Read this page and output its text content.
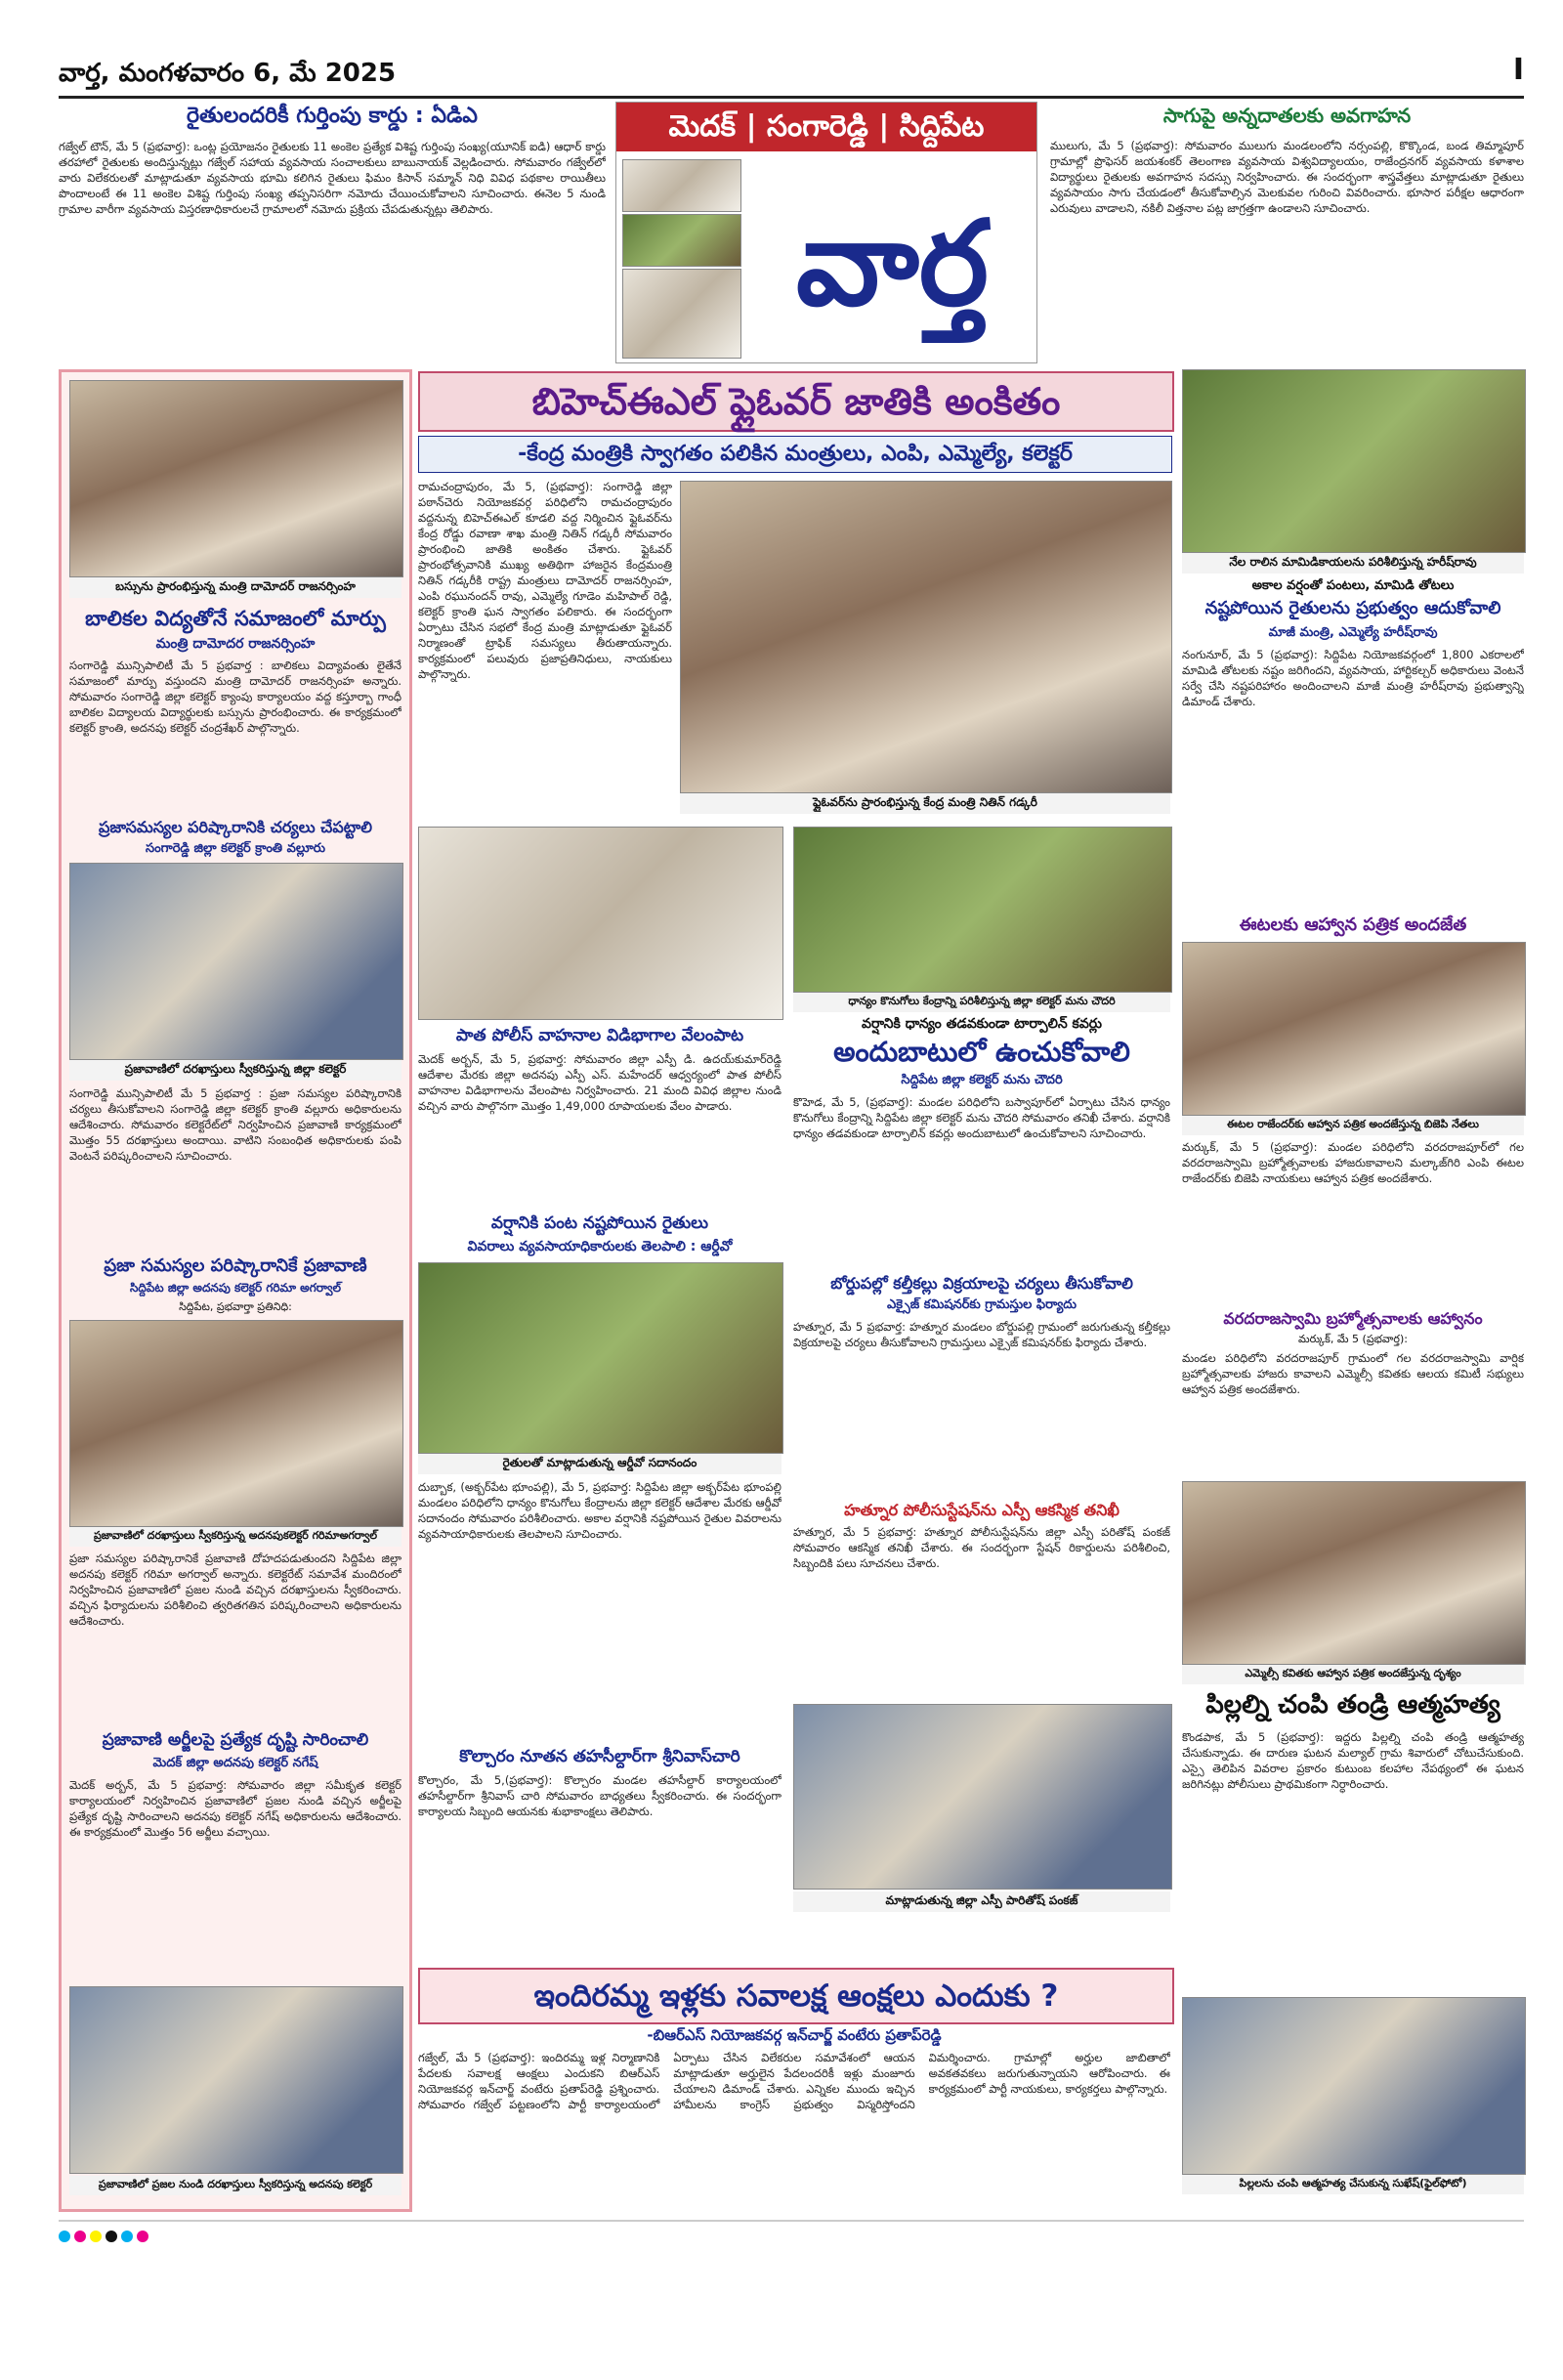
వార్త, మంగళవారం 6, మే 2025	I
రైతులందరికీ గుర్తింపు కార్డు : ఏడిఎ
గజ్వేల్ టౌన్, మే 5 (ప్రభవార్త): ఒంట్ల ప్రయోజనం రైతులకు 11 అంకెల ప్రత్యేక విశిష్ట గుర్తింపు సంఖ్య(యూనిక్ ఐడి) ఆధార్ కార్డు తరహాలో రైతులకు అందిస్తున్నట్లు గజ్వేల్ సహాయ వ్యవసాయ సంచాలకులు బాబునాయక్ వెల్లడించారు. సోమవారం గజ్వేల్‌లో వారు విలేకరులతో మాట్లాడుతూ వ్యవసాయ భూమి కలిగిన రైతులు ఫిమం కిసాన్ సమ్మాన్ నిధి వివిధ పథకాల రాయితీలు పొందాలంటే ఈ 11 అంకెల విశిష్ట గుర్తింపు సంఖ్య తప్పనిసరిగా నమోదు చేయించుకోవాలని సూచించారు. ఈనెల 5 నుండి గ్రామాల వారీగా వ్యవసాయ విస్తరణాధికారులచే గ్రామాలలో నమోదు ప్రక్రియ చేపడుతున్నట్లు తెలిపారు.
మెదక్ | సంగారెడ్డి | సిద్దిపేట
వార్త
సాగుపై అన్నదాతలకు అవగాహన
ములుగు, మే 5 (ప్రభవార్త): సోమవారం ములుగు మండలంలోని నర్సంపల్లి, కొక్కొండ, బండ తిమ్మాపూర్ గ్రామాల్లో ప్రొఫెసర్ జయశంకర్ తెలంగాణ వ్యవసాయ విశ్వవిద్యాలయం, రాజేంద్రనగర్ వ్యవసాయ కళాశాల విద్యార్థులు రైతులకు అవగాహన సదస్సు నిర్వహించారు. ఈ సందర్భంగా శాస్త్రవేత్తలు మాట్లాడుతూ రైతులు వ్యవసాయం సాగు చేయడంలో తీసుకోవాల్సిన మెలకువల గురించి వివరించారు. భూసార పరీక్షల ఆధారంగా ఎరువులు వాడాలని, నకిలీ విత్తనాల పట్ల జాగ్రత్తగా ఉండాలని సూచించారు.
బస్సును ప్రారంభిస్తున్న మంత్రి దామోదర్ రాజనర్సింహ
బాలికల విద్యతోనే సమాజంలో మార్పు
మంత్రి దామోదర రాజనర్సింహ
సంగారెడ్డి మున్సిపాలిటీ మే 5 ప్రభవార్త : బాలికలు విద్యావంతు లైతేనే సమాజంలో మార్పు వస్తుందని మంత్రి దామోదర్ రాజనర్సింహ అన్నారు. సోమవారం సంగారెడ్డి జిల్లా కలెక్టర్ క్యాంపు కార్యాలయం వద్ద కస్తూర్బా గాంధీ బాలికల విద్యాలయ విద్యార్థులకు బస్సును ప్రారంభించారు. ఈ కార్యక్రమంలో కలెక్టర్ క్రాంతి, అదనపు కలెక్టర్ చంద్రశేఖర్ పాల్గొన్నారు.
ప్రజాసమస్యల పరిష్కారానికి చర్యలు చేపట్టాలి
సంగారెడ్డి జిల్లా కలెక్టర్ క్రాంతి వల్లూరు
ప్రజావాణిలో దరఖాస్తులు స్వీకరిస్తున్న జిల్లా కలెక్టర్
సంగారెడ్డి మున్సిపాలిటీ మే 5 ప్రభవార్త : ప్రజా సమస్యల పరిష్కారానికి చర్యలు తీసుకోవాలని సంగారెడ్డి జిల్లా కలెక్టర్ క్రాంతి వల్లూరు అధికారులను ఆదేశించారు. సోమవారం కలెక్టరేట్‌లో నిర్వహించిన ప్రజావాణి కార్యక్రమంలో మొత్తం 55 దరఖాస్తులు అందాయి. వాటిని సంబంధిత అధికారులకు పంపి వెంటనే పరిష్కరించాలని సూచించారు.
ప్రజా సమస్యల పరిష్కారానికే ప్రజావాణి
సిద్దిపేట జిల్లా అదనపు కలెక్టర్ గరిమా అగర్వాల్
సిద్దిపేట, ప్రభవార్తా ప్రతినిధి:
ప్రజావాణిలో దరఖాస్తులు స్వీకరిస్తున్న అదనపుకలెక్టర్ గరిమాఅగర్వాల్
ప్రజా సమస్యల పరిష్కారానికే ప్రజావాణి దోహదపడుతుందని సిద్దిపేట జిల్లా అదనపు కలెక్టర్ గరిమా అగర్వాల్ అన్నారు. కలెక్టరేట్ సమావేశ మందిరంలో నిర్వహించిన ప్రజావాణిలో ప్రజల నుండి వచ్చిన దరఖాస్తులను స్వీకరించారు. వచ్చిన ఫిర్యాదులను పరిశీలించి త్వరితగతిన పరిష్కరించాలని అధికారులను ఆదేశించారు.
ప్రజావాణి అర్జీలపై ప్రత్యేక దృష్టి సారించాలి
మెదక్ జిల్లా అదనపు కలెక్టర్ నగేష్
మెదక్ అర్బన్, మే 5 ప్రభవార్త: సోమవారం జిల్లా సమీకృత కలెక్టర్ కార్యాలయంలో నిర్వహించిన ప్రజావాణిలో ప్రజల నుండి వచ్చిన అర్జీలపై ప్రత్యేక దృష్టి సారించాలని అదనపు కలెక్టర్ నగేష్ అధికారులను ఆదేశించారు. ఈ కార్యక్రమంలో మొత్తం 56 అర్జీలు వచ్చాయి.
ప్రజావాణిలో ప్రజల నుండి దరఖాస్తులు స్వీకరిస్తున్న అదనపు కలెక్టర్
బిహెచ్ఈఎల్ ఫ్లైఓవర్ జాతికి అంకితం
-కేంద్ర మంత్రికి స్వాగతం పలికిన మంత్రులు, ఎంపి, ఎమ్మెల్యే, కలెక్టర్
రామచంద్రాపురం, మే 5, (ప్రభవార్త): సంగారెడ్డి జిల్లా పఠాన్‌చెరు నియోజకవర్గ పరిధిలోని రామచంద్రాపురం వద్దనున్న బిహెచ్ఈఎల్ కూడలి వద్ద నిర్మించిన ఫ్లైఓవర్‌ను కేంద్ర రోడ్డు రవాణా శాఖ మంత్రి నితిన్ గడ్కరీ సోమవారం ప్రారంభించి జాతికి అంకితం చేశారు. ఫ్లైఓవర్ ప్రారంభోత్సవానికి ముఖ్య అతిథిగా హాజరైన కేంద్రమంత్రి నితిన్ గడ్కరీకి రాష్ట్ర మంత్రులు దామోదర్ రాజనర్సింహ, ఎంపి రఘునందన్ రావు, ఎమ్మెల్యే గూడెం మహిపాల్ రెడ్డి, కలెక్టర్ క్రాంతి ఘన స్వాగతం పలికారు. ఈ సందర్భంగా ఏర్పాటు చేసిన సభలో కేంద్ర మంత్రి మాట్లాడుతూ ఫ్లైఓవర్ నిర్మాణంతో ట్రాఫిక్ సమస్యలు తీరుతాయన్నారు. కార్యక్రమంలో పలువురు ప్రజాప్రతినిధులు, నాయకులు పాల్గొన్నారు.
ఫ్లైఓవర్‌ను ప్రారంభిస్తున్న కేంద్ర మంత్రి నితిన్ గడ్కరీ
పాత పోలీస్ వాహనాల విడిభాగాల వేలంపాట
మెదక్ అర్బన్, మే 5, ప్రభవార్త: సోమవారం జిల్లా ఎస్పీ డి. ఉదయ్‌కుమార్‌రెడ్డి ఆదేశాల మేరకు జిల్లా అదనపు ఎస్పీ ఎస్. మహేందర్ ఆధ్వర్యంలో పాత పోలీస్ వాహనాల విడిభాగాలను వేలంపాట నిర్వహించారు. 21 మంది వివిధ జిల్లాల నుండి వచ్చిన వారు పాల్గొనగా మొత్తం 1,49,000 రూపాయలకు వేలం పాడారు.
వర్షానికి పంట నష్టపోయిన రైతులు
వివరాలు వ్యవసాయాధికారులకు తెలపాలి : ఆర్డీవో
రైతులతో మాట్లాడుతున్న ఆర్డీవో సదానందం
దుబ్బాక, (అక్బర్‌పేట భూంపల్లి), మే 5, ప్రభవార్త: సిద్దిపేట జిల్లా అక్బర్‌పేట భూంపల్లి మండలం పరిధిలోని ధాన్యం కొనుగోలు కేంద్రాలను జిల్లా కలెక్టర్ ఆదేశాల మేరకు ఆర్డీవో సదానందం సోమవారం పరిశీలించారు. అకాల వర్షానికి నష్టపోయిన రైతుల వివరాలను వ్యవసాయాధికారులకు తెలపాలని సూచించారు.
కొల్చారం నూతన తహసీల్దార్‌గా శ్రీనివాస్‌చారి
కొల్చారం, మే 5,(ప్రభవార్త): కొల్చారం మండల తహసీల్దార్ కార్యాలయంలో తహసీల్దార్‌గా శ్రీనివాస్ చారి సోమవారం బాధ్యతలు స్వీకరించారు. ఈ సందర్భంగా కార్యాలయ సిబ్బంది ఆయనకు శుభాకాంక్షలు తెలిపారు.
ధాన్యం కొనుగోలు కేంద్రాన్ని పరిశీలిస్తున్న జిల్లా కలెక్టర్ మను చౌదరి
వర్షానికి ధాన్యం తడవకుండా టార్పాలిన్ కవర్లు
అందుబాటులో ఉంచుకోవాలి
సిద్దిపేట జిల్లా కలెక్టర్ మను చౌదరి
కొహెడ, మే 5, (ప్రభవార్త): మండల పరిధిలోని బస్వాపూర్‌లో ఏర్పాటు చేసిన ధాన్యం కొనుగోలు కేంద్రాన్ని సిద్దిపేట జిల్లా కలెక్టర్ మను చౌదరి సోమవారం తనిఖీ చేశారు. వర్షానికి ధాన్యం తడవకుండా టార్పాలిన్ కవర్లు అందుబాటులో ఉంచుకోవాలని సూచించారు.
బోర్డుపల్లో కల్తీకల్లు విక్రయాలపై చర్యలు తీసుకోవాలి
ఎక్సైజ్ కమిషనర్‌కు గ్రామస్తుల ఫిర్యాదు
హత్నూర, మే 5 ప్రభవార్త: హత్నూర మండలం బోర్డుపల్లి గ్రామంలో జరుగుతున్న కల్తీకల్లు విక్రయాలపై చర్యలు తీసుకోవాలని గ్రామస్తులు ఎక్సైజ్ కమిషనర్‌కు ఫిర్యాదు చేశారు.
హత్నూర పోలీసుస్టేషన్‌ను ఎస్పీ ఆకస్మిక తనిఖీ
హత్నూర, మే 5 ప్రభవార్త: హత్నూర పోలీసుస్టేషన్‌ను జిల్లా ఎస్పీ పరితోష్ పంకజ్ సోమవారం ఆకస్మిక తనిఖీ చేశారు. ఈ సందర్భంగా స్టేషన్ రికార్డులను పరిశీలించి, సిబ్బందికి పలు సూచనలు చేశారు.
మాట్లాడుతున్న జిల్లా ఎస్పీ పారితోష్ పంకజ్
నేల రాలిన మామిడికాయలను పరిశీలిస్తున్న హరీష్‌రావు
అకాల వర్షంతో పంటలు, మామిడి తోటలు
నష్టపోయిన రైతులను ప్రభుత్వం ఆదుకోవాలి
మాజీ మంత్రి, ఎమ్మెల్యే హరీష్‌రావు
నంగునూర్, మే 5 (ప్రభవార్త): సిద్దిపేట నియోజకవర్గంలో 1,800 ఎకరాలలో మామిడి తోటలకు నష్టం జరిగిందని, వ్యవసాయ, హార్టికల్చర్ అధికారులు వెంటనే సర్వే చేసి నష్టపరిహారం అందించాలని మాజీ మంత్రి హరీష్‌రావు ప్రభుత్వాన్ని డిమాండ్ చేశారు.
ఈటలకు ఆహ్వాన పత్రిక అందజేత
ఈటల రాజేందర్‌కు ఆహ్వాన పత్రిక అందజేస్తున్న బిజెపి నేతలు
మర్కుక్, మే 5 (ప్రభవార్త): మండల పరిధిలోని వరదరాజపూర్‌లో గల వరదరాజస్వామి బ్రహ్మోత్సవాలకు హాజరుకావాలని మల్కాజ్‌గిరి ఎంపి ఈటల రాజేందర్‌కు బిజెపి నాయకులు ఆహ్వాన పత్రిక అందజేశారు.
వరదరాజస్వామి బ్రహ్మోత్సవాలకు ఆహ్వానం
మర్కుక్, మే 5 (ప్రభవార్త):
మండల పరిధిలోని వరదరాజపూర్ గ్రామంలో గల వరదరాజస్వామి వార్షిక బ్రహ్మోత్సవాలకు హాజరు కావాలని ఎమ్మెల్సీ కవితకు ఆలయ కమిటీ సభ్యులు ఆహ్వాన పత్రిక అందజేశారు.
ఎమ్మెల్సీ కవితకు ఆహ్వాన పత్రిక అందజేస్తున్న దృశ్యం
పిల్లల్ని చంపి తండ్రి ఆత్మహత్య
కొండపాక, మే 5 (ప్రభవార్త): ఇద్దరు పిల్లల్ని చంపి తండ్రి ఆత్మహత్య చేసుకున్నాడు. ఈ దారుణ ఘటన మల్యాల్ గ్రామ శివారులో చోటుచేసుకుంది. ఎస్సై తెలిపిన వివరాల ప్రకారం కుటుంబ కలహాల నేపథ్యంలో ఈ ఘటన జరిగినట్లు పోలీసులు ప్రాథమికంగా నిర్ధారించారు.
పిల్లలను చంపి ఆత్మహత్య చేసుకున్న సుఖేష్(ఫైల్‌ఫోటో)
ఇందిరమ్మ ఇళ్లకు సవాలక్ష ఆంక్షలు ఎందుకు ?
-బిఆర్ఎస్ నియోజకవర్గ ఇన్‌చార్జ్ వంటేరు ప్రతాప్‌రెడ్డి
గజ్వేల్, మే 5 (ప్రభవార్త): ఇందిరమ్మ ఇళ్ల నిర్మాణానికి పేదలకు సవాలక్ష ఆంక్షలు ఎందుకని బిఆర్ఎస్ నియోజకవర్గ ఇన్‌చార్జ్ వంటేరు ప్రతాప్‌రెడ్డి ప్రశ్నించారు. సోమవారం గజ్వేల్ పట్టణంలోని పార్టీ కార్యాలయంలో ఏర్పాటు చేసిన విలేకరుల సమావేశంలో ఆయన మాట్లాడుతూ అర్హులైన పేదలందరికీ ఇళ్లు మంజూరు చేయాలని డిమాండ్ చేశారు. ఎన్నికల ముందు ఇచ్చిన హామీలను కాంగ్రెస్ ప్రభుత్వం విస్మరిస్తోందని విమర్శించారు. గ్రామాల్లో అర్హుల జాబితాలో అవకతవకలు జరుగుతున్నాయని ఆరోపించారు. ఈ కార్యక్రమంలో పార్టీ నాయకులు, కార్యకర్తలు పాల్గొన్నారు.
